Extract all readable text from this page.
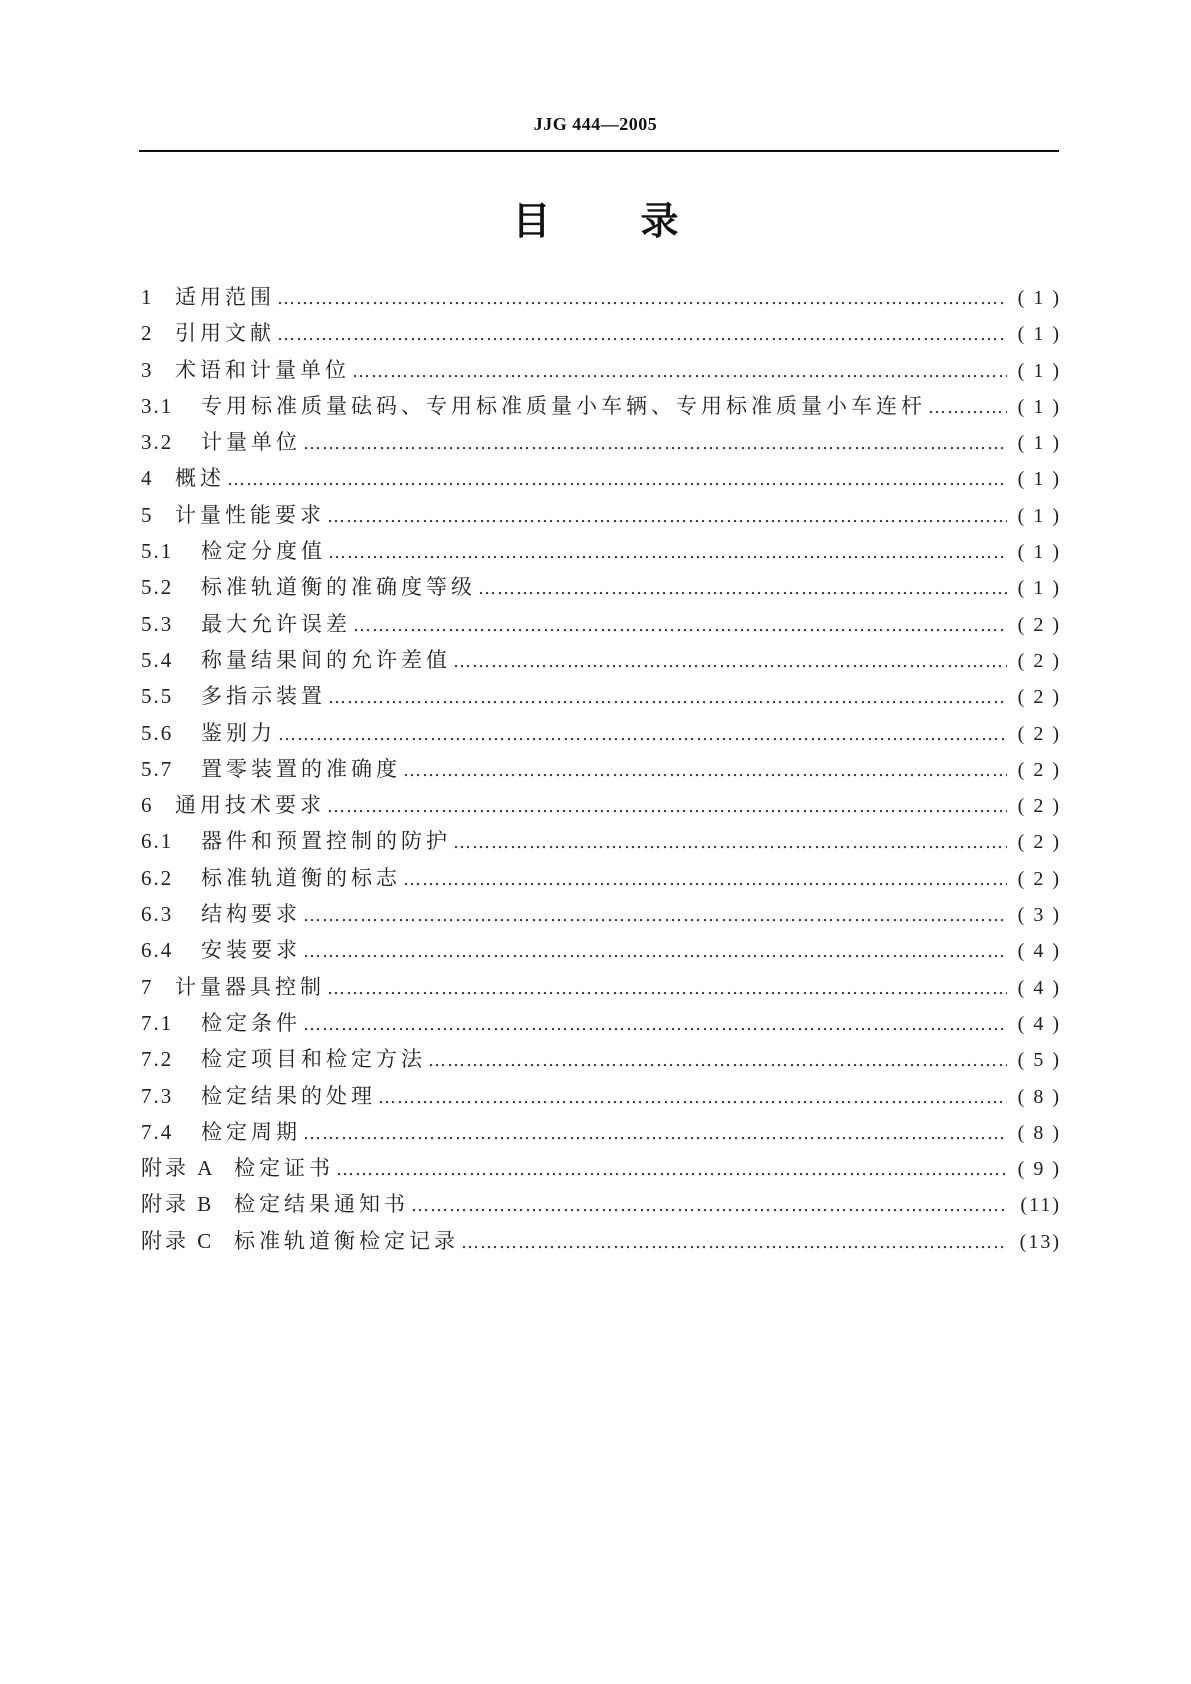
JJG 444—2005
目录
1	适用范围 ……………………………………………………………………………………………………………………………………………………………………………………	( 1 )
2	引用文献 ……………………………………………………………………………………………………………………………………………………………………………………	( 1 )
3	术语和计量单位 ……………………………………………………………………………………………………………………………………………………………………………………	( 1 )
3.1	专用标准质量砝码、专用标准质量小车辆、专用标准质量小车连杆 ……………………………………………………………………………………………………………………………………………………………………………………	( 1 )
3.2	计量单位 ……………………………………………………………………………………………………………………………………………………………………………………	( 1 )
4	概述 ……………………………………………………………………………………………………………………………………………………………………………………	( 1 )
5	计量性能要求 ……………………………………………………………………………………………………………………………………………………………………………………	( 1 )
5.1	检定分度值 ……………………………………………………………………………………………………………………………………………………………………………………	( 1 )
5.2	标准轨道衡的准确度等级 ……………………………………………………………………………………………………………………………………………………………………………………	( 1 )
5.3	最大允许误差 ……………………………………………………………………………………………………………………………………………………………………………………	( 2 )
5.4	称量结果间的允许差值 ……………………………………………………………………………………………………………………………………………………………………………………	( 2 )
5.5	多指示装置 ……………………………………………………………………………………………………………………………………………………………………………………	( 2 )
5.6	鉴别力 ……………………………………………………………………………………………………………………………………………………………………………………	( 2 )
5.7	置零装置的准确度 ……………………………………………………………………………………………………………………………………………………………………………………	( 2 )
6	通用技术要求 ……………………………………………………………………………………………………………………………………………………………………………………	( 2 )
6.1	器件和预置控制的防护 ……………………………………………………………………………………………………………………………………………………………………………………	( 2 )
6.2	标准轨道衡的标志 ……………………………………………………………………………………………………………………………………………………………………………………	( 2 )
6.3	结构要求 ……………………………………………………………………………………………………………………………………………………………………………………	( 3 )
6.4	安装要求 ……………………………………………………………………………………………………………………………………………………………………………………	( 4 )
7	计量器具控制 ……………………………………………………………………………………………………………………………………………………………………………………	( 4 )
7.1	检定条件 ……………………………………………………………………………………………………………………………………………………………………………………	( 4 )
7.2	检定项目和检定方法 ……………………………………………………………………………………………………………………………………………………………………………………	( 5 )
7.3	检定结果的处理 ……………………………………………………………………………………………………………………………………………………………………………………	( 8 )
7.4	检定周期 ……………………………………………………………………………………………………………………………………………………………………………………	( 8 )
附录 A 检定证书 ……………………………………………………………………………………………………………………………………………………………………………………	( 9 )
附录 B 检定结果通知书 ……………………………………………………………………………………………………………………………………………………………………………………	(11)
附录 C 标准轨道衡检定记录 ……………………………………………………………………………………………………………………………………………………………………………………	(13)
